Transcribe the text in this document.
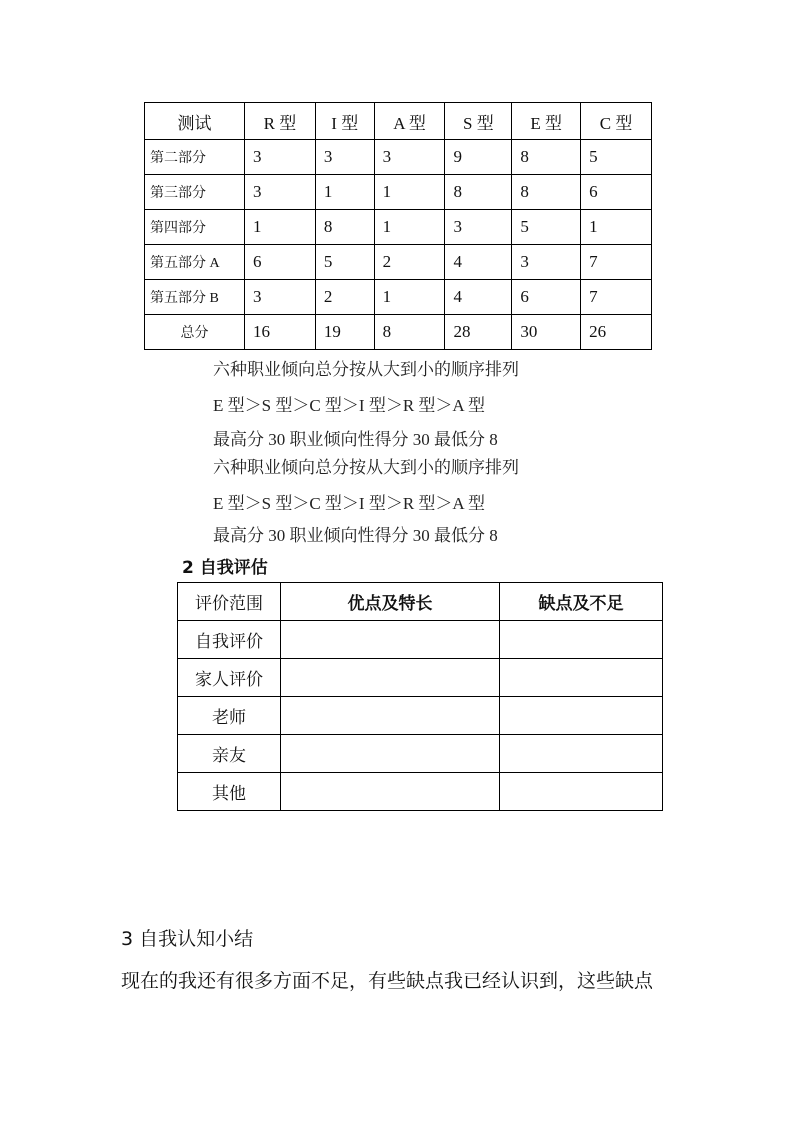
测试	R 型	I 型	A 型	S 型	E 型	C 型
第二部分	3	3	3	9	8	5
第三部分	3	1	1	8	8	6
第四部分	1	8	1	3	5	1
第五部分 A	6	5	2	4	3	7
第五部分 B	3	2	1	4	6	7
总分	16	19	8	28	30	26
六种职业倾向总分按从大到小的顺序排列
E 型＞S 型＞C 型＞I 型＞R 型＞A 型
最高分 30 职业倾向性得分 30 最低分 8
六种职业倾向总分按从大到小的顺序排列
E 型＞S 型＞C 型＞I 型＞R 型＞A 型
最高分 30 职业倾向性得分 30 最低分 8
2 自我评估
评价范围	优点及特长	缺点及不足
自我评价		
家人评价		
老师		
亲友		
其他		
3 自我认知小结
现在的我还有很多方面不足，有些缺点我已经认识到，这些缺点
